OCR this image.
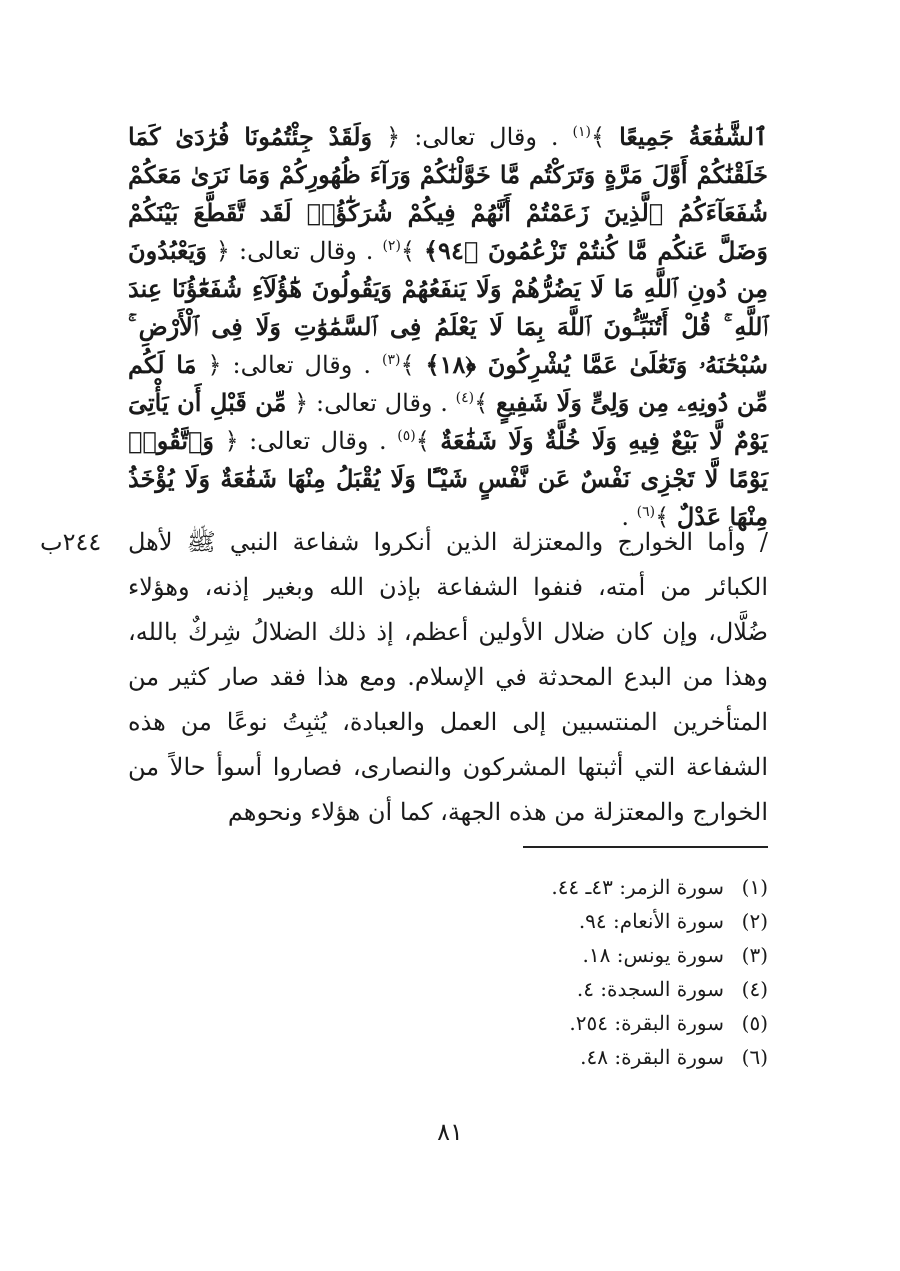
ٱلشَّفَٰعَةُ جَمِيعًا ﴾$^{(١)}$ . وقال تعالى: ﴿ وَلَقَدْ جِئْتُمُونَا فُرَٰدَىٰ كَمَا خَلَقْنَٰكُمْ أَوَّلَ مَرَّةٍ وَتَرَكْتُم مَّا خَوَّلْنَٰكُمْ وَرَآءَ ظُهُورِكُمْ وَمَا نَرَىٰ مَعَكُمْ شُفَعَآءَكُمُ ٱلَّذِينَ زَعَمْتُمْ أَنَّهُمْ فِيكُمْ شُرَكَٰٓؤُا۟ لَقَد تَّقَطَّعَ بَيْنَكُمْ وَضَلَّ عَنكُم مَّا كُنتُمْ تَزْعُمُونَ ﴿٩٤﴾ ﴾$^{(٢)}$ . وقال تعالى: ﴿ وَيَعْبُدُونَ مِن دُونِ ٱللَّهِ مَا لَا يَضُرُّهُمْ وَلَا يَنفَعُهُمْ وَيَقُولُونَ هَٰٓؤُلَآءِ شُفَعَٰٓؤُنَا عِندَ ٱللَّهِ ۚ قُلْ أَتُنَبِّـُٔونَ ٱللَّهَ بِمَا لَا يَعْلَمُ فِى ٱلسَّمَٰوَٰتِ وَلَا فِى ٱلْأَرْضِ ۚ سُبْحَٰنَهُۥ وَتَعَٰلَىٰ عَمَّا يُشْرِكُونَ ﴿١٨﴾ ﴾$^{(٣)}$ . وقال تعالى: ﴿ مَا لَكُم مِّن دُونِهِۦ مِن وَلِىٍّ وَلَا شَفِيعٍ ﴾$^{(٤)}$ . وقال تعالى: ﴿ مِّن قَبْلِ أَن يَأْتِىَ يَوْمٌ لَّا بَيْعٌ فِيهِ وَلَا خُلَّةٌ وَلَا شَفَٰعَةٌ ﴾$^{(٥)}$ . وقال تعالى: ﴿ وَٱتَّقُوا۟ يَوْمًا لَّا تَجْزِى نَفْسٌ عَن نَّفْسٍ شَيْـًٔا وَلَا يُقْبَلُ مِنْهَا شَفَٰعَةٌ وَلَا يُؤْخَذُ مِنْهَا عَدْلٌ ﴾$^{(٦)}$ .

٢٤٤ب	/ وأما الخوارج والمعتزلة الذين أنكروا شفاعة النبي ﷺ لأهل الكبائر من أمته، فنفوا الشفاعة بإذن الله وبغير إذنه، وهؤلاء ضُلَّال، وإن كان ضلال الأولين أعظم، إذ ذلك الضلالُ شِركٌ بالله، وهذا من البدع المحدثة في الإسلام. ومع هذا فقد صار كثير من المتأخرين المنتسبين إلى العمل والعبادة، يُثبِتُ نوعًا من هذه الشفاعة التي أثبتها المشركون والنصارى، فصاروا أسوأ حالاً من الخوارج والمعتزلة من هذه الجهة، كما أن هؤلاء ونحوهم

(١)سورة الزمر: ٤٣ـ ٤٤.
(٢)سورة الأنعام: ٩٤.
(٣)سورة يونس: ١٨.
(٤)سورة السجدة: ٤.
(٥)سورة البقرة: ٢٥٤.
(٦)سورة البقرة: ٤٨.
٨١
